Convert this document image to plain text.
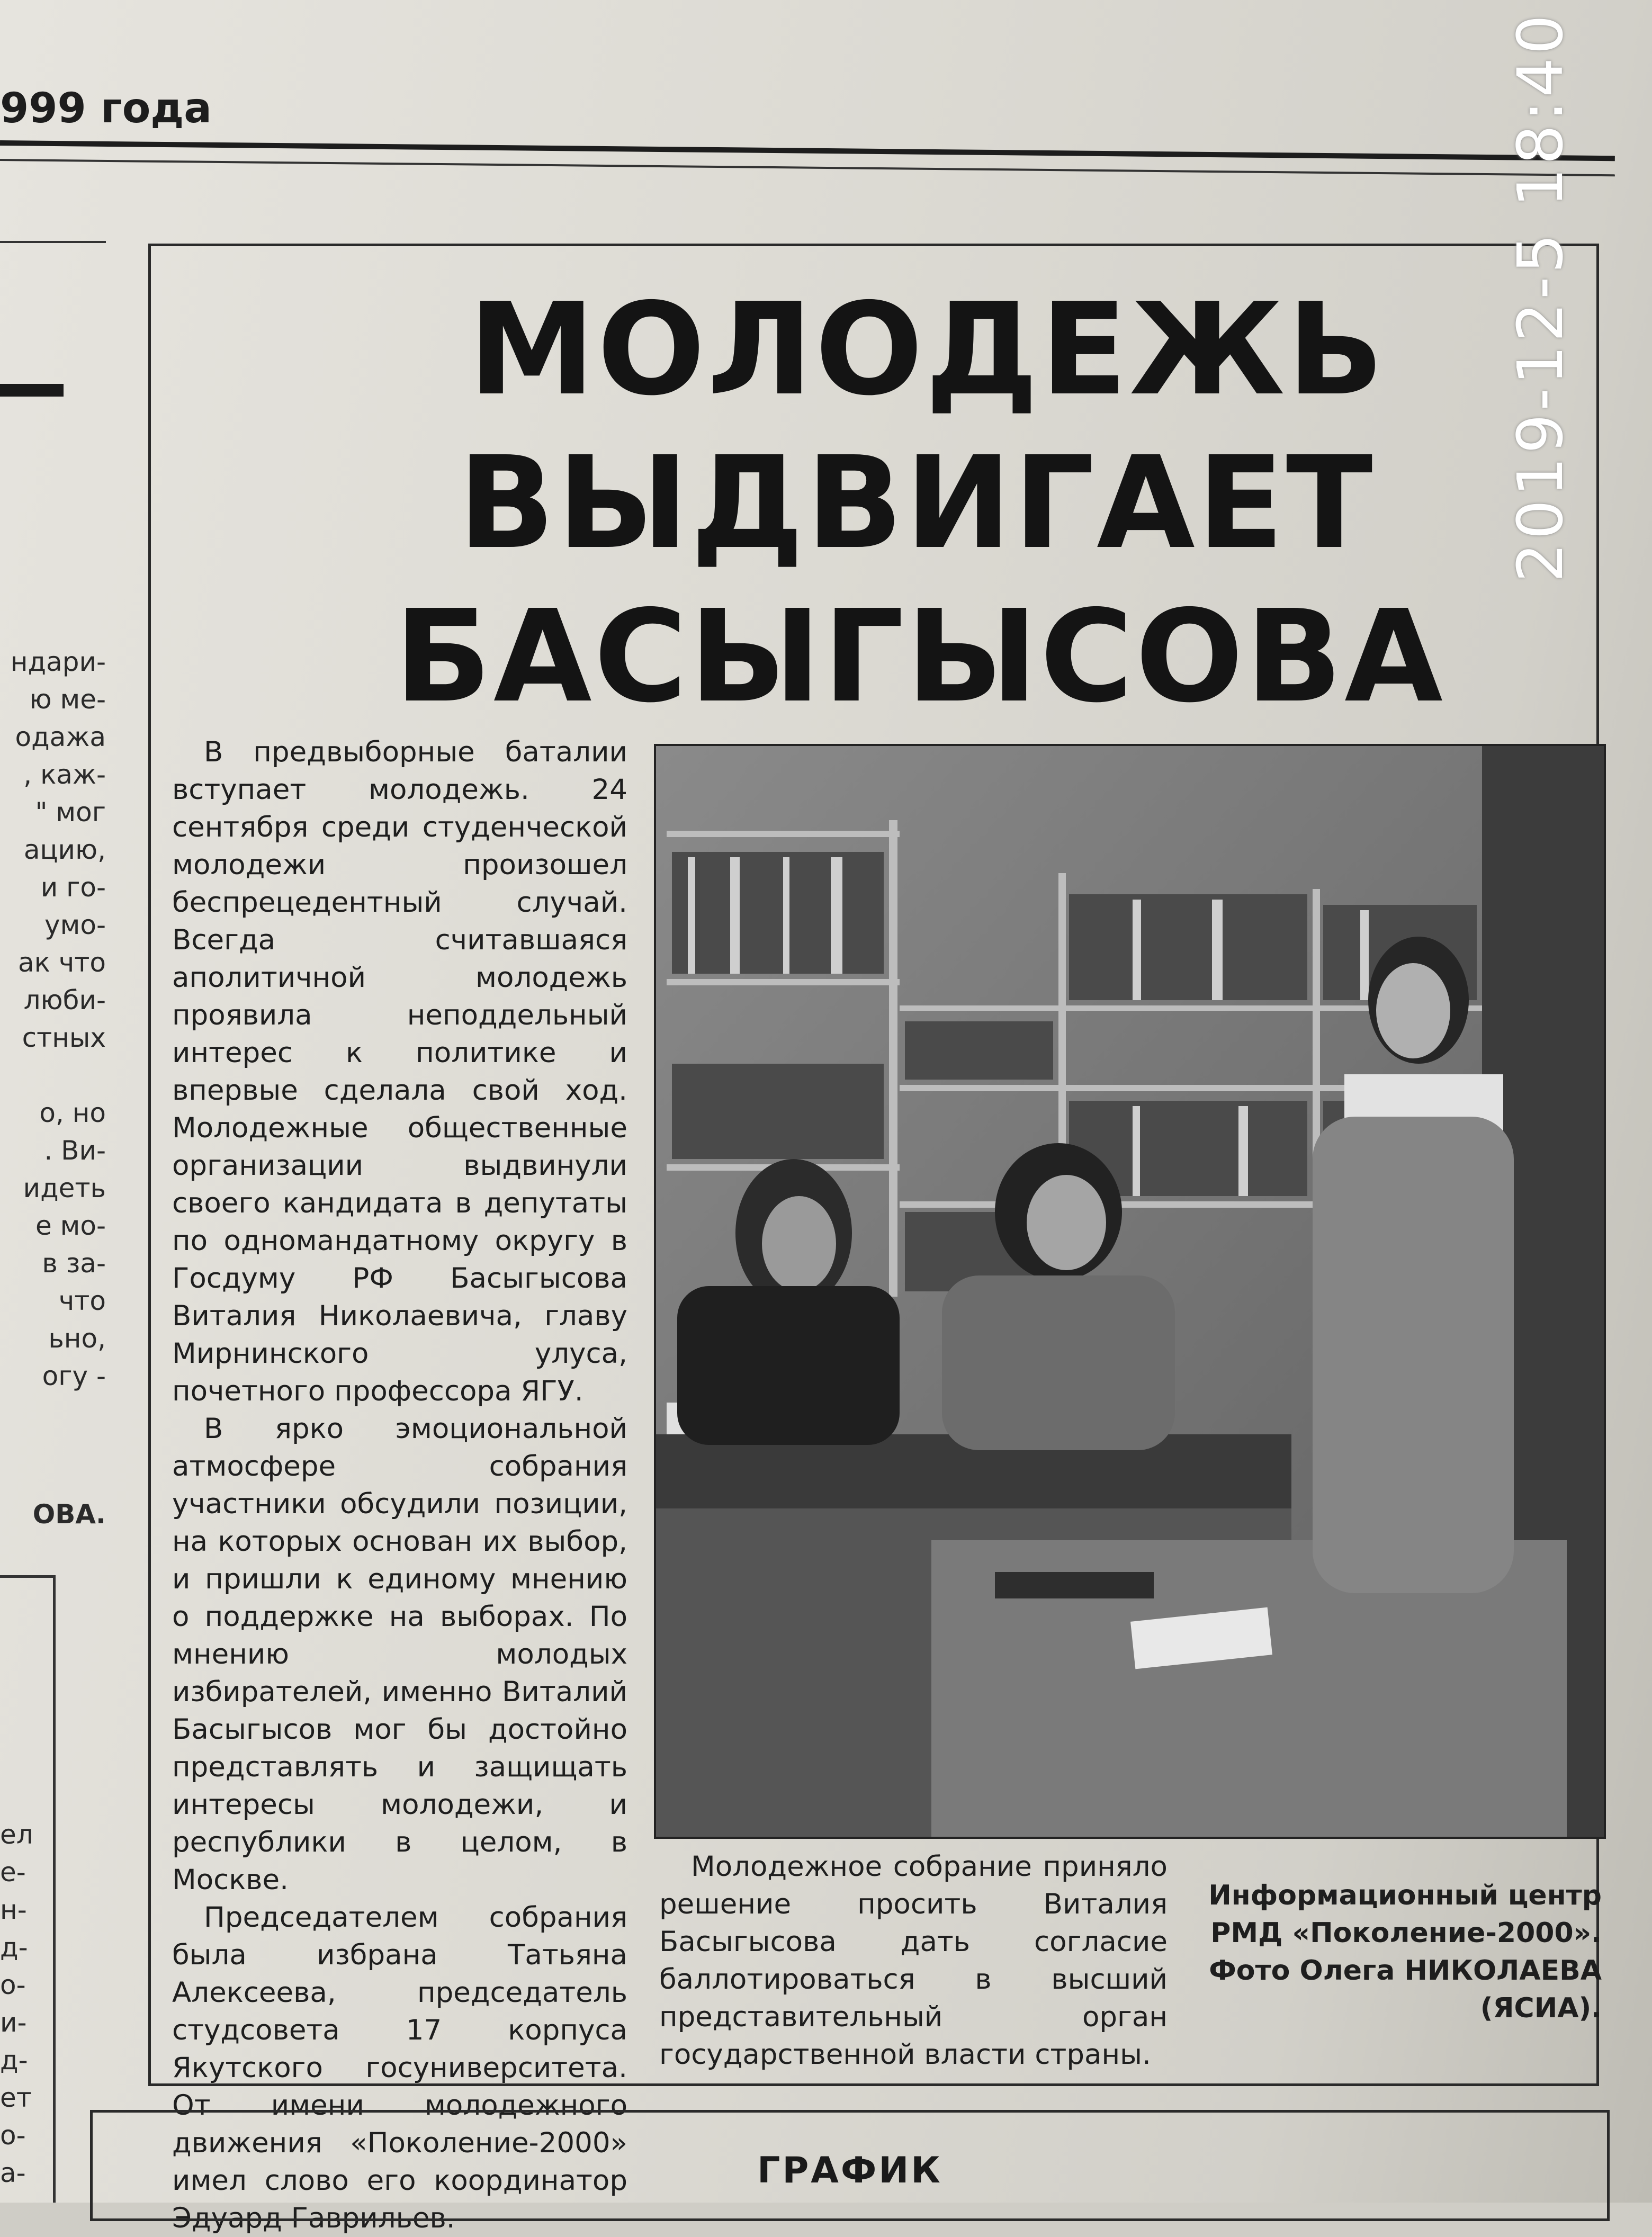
999 года
ндари-
ю ме-
одажа
, каж-
" мог
ацию,
и го-
умо-
ак что
люби-
стных
о, но
. Ви-
идеть
е мо-
в за-
что
ьно,
огу -
ОВА.
ел
е-
н-
д-
о-
и-
д-
ет
о-
а-
МОЛОДЕЖЬ
ВЫДВИГАЕТ
БАСЫГЫСОВА

В предвыборные баталии вступает молодежь. 24 сентября среди студенческой молодежи произошел беспрецедентный случай. Всегда считавшаяся аполитичной молодежь проявила неподдельный интерес к политике и впервые сделала свой ход. Молодежные общественные организации выдвинули своего кандидата в депутаты по одномандатному округу в Госдуму РФ Басыгысова Виталия Николаевича, главу Мирнинского улуса, почетного профессора ЯГУ.

В ярко эмоциональной атмосфере собрания участники обсудили позиции, на которых основан их выбор, и пришли к единому мнению о поддержке на выборах. По мнению молодых избирателей, именно Виталий Басыгысов мог бы достойно представлять и защищать интересы молодежи, и республики в целом, в Москве.

Председателем собрания была избрана Татьяна Алексеева, председатель студсовета 17 корпуса Якутского госуниверситета. От имени молодежного движения «Поколение-2000» имел слово его координатор Эдуард Гаврильев.

Молодежное собрание приняло решение просить Виталия Басыгысова дать согласие баллотироваться в высший представительный орган государственной власти страны.

Информационный центр
РМД «Поколение-2000».
Фото Олега НИКОЛАЕВА
(ЯСИА).
ГРАФИК
2019-12-5 18:40
